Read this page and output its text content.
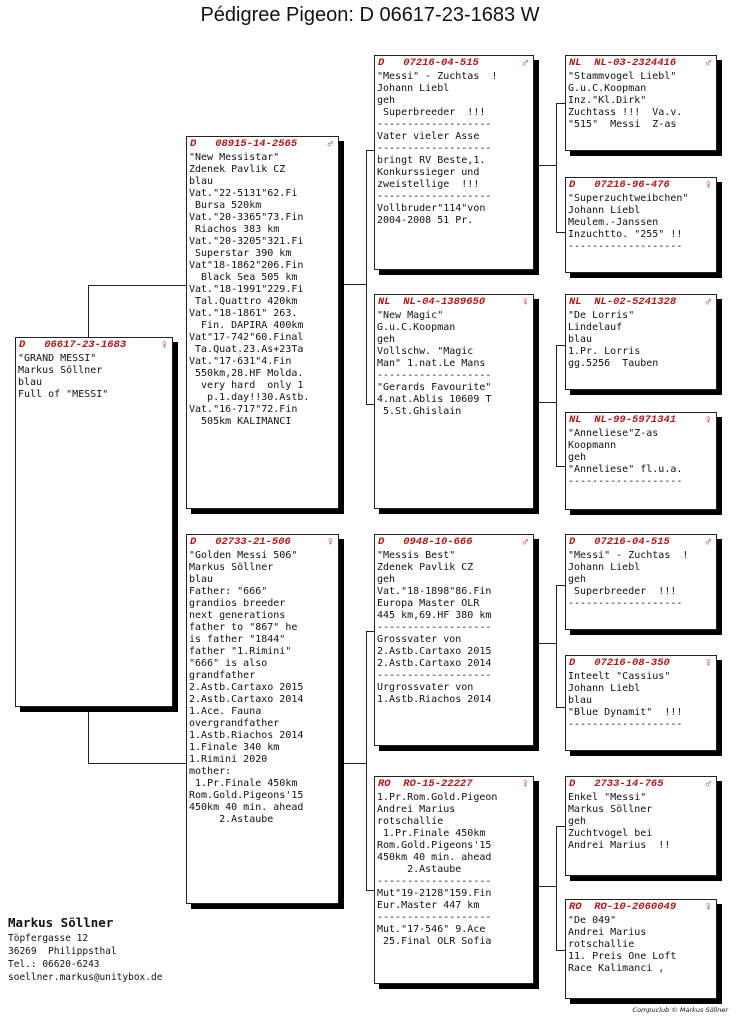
Pédigree Pigeon: D 06617-23-1683 W
D   06617-23-1683	♀
"GRAND MESSI"
Markus Söllner
blau
Full of "MESSI"
D   08915-14-2565 ♂
"New Messistar"
Zdenek Pavlik CZ
blau
Vat."22-5131"62.Fi
Bursa 520km
Vat."20-3365"73.Fin
Riachos 383 km
Vat."20-3205"321.Fi
Superstar 390 km
Vat"18-1862"206.Fin
Black Sea 505 km
Vat."18-1991"229.Fi
Tal.Quattro 420km
Vat."18-1861" 263.
Fin. DAPIRA 400km
Vat"17-742"60.Final
Ta.Quat.23.As+23Ta
Vat."17-631"4.Fin
550km,28.HF Molda.
very hard  only 1
p.1.day!!30.Astb.
Vat."16-717"72.Fin
505km KALIMANCI
D   02733-21-506	♀
"Golden Messi 506"
Markus Söllner
blau
Father: "666"
grandios breeder
next generations
father to "867" he
is father "1844"
father "1.Rimini"
"666" is also
grandfather
2.Astb.Cartaxo 2015
2.Astb.Cartaxo 2014
1.Ace. Fauna
overgrandfather
1.Astb.Riachos 2014
1.Finale 340 km
1.Rimini 2020
mother:
1.Pr.Finale 450km
Rom.Gold.Pigeons'15
450km 40 min. ahead
2.Astaube
D   07216-04-515	♂
"Messi" - Zuchtas  !
Johann Liebl
geh
Superbreeder  !!!
-------------------
Vater vieler Asse
-------------------
bringt RV Beste,1.
Konkurssieger und
zweistellige  !!!
-------------------
Vollbruder"114"von
2004-2008 51 Pr.
NL  NL-04-1389650	♀
"New Magic"
G.u.C.Koopman
geh
Vollschw. "Magic
Man" 1.nat.Le Mans
-------------------
"Gerards Favourite"
4.nat.Ablis 10609 T
5.St.Ghislain
D   0948-10-666	♂
"Messis Best"
Zdenek Pavlik CZ
geh
Vat."18-1898"86.Fin
Europa Master OLR
445 km,69.HF 380 km
-------------------
Grossvater von
2.Astb.Cartaxo 2015
2.Astb.Cartaxo 2014
-------------------
Urgrossvater von
1.Astb.Riachos 2014
RO  RO-15-22227	♀
1.Pr.Rom.Gold.Pigeon
Andrei Marius
rotschallie
1.Pr.Finale 450km
Rom.Gold.Pigeons'15
450km 40 min. ahead
2.Astaube
-------------------
Mut"19-2128"159.Fin
Eur.Master 447 km
-------------------
Mut."17-546" 9.Ace
25.Final OLR Sofia
NL  NL-03-2324416 ♂
"Stammvogel Liebl"
G.u.C.Koopman
Inz."Kl.Dirk"
Zuchtass !!!  Va.v.
"515"  Messi  Z-as
D   07216-96-476	♀
"Superzuchtweibchen"
Johann Liebl
Meulem.-Janssen
Inzuchtto. "255" !!
-------------------
NL  NL-02-5241328 ♂
"De Lorris"
Lindelauf
blau
1.Pr. Lorris
gg.5256  Tauben
NL  NL-99-5971341 ♀
"Anneliese"Z-as
Koopmann
geh
"Anneliese" fl.u.a.
-------------------
D   07216-04-515	♂
"Messi" - Zuchtas  !
Johann Liebl
geh
Superbreeder  !!!
-------------------
D   07216-08-350	♀
Inteelt "Cassius"
Johann Liebl
blau
"Blue Dynamit"  !!!
-------------------
D   2733-14-765	♂
Enkel "Messi"
Markus Söllner
geh
Zuchtvogel bei
Andrei Marius  !!
RO  RO-10-2060049 ♀
"De 049"
Andrei Marius
rotschallie
11. Preis One Loft
Race Kalimanci ,
Markus Söllner
Töpfergasse 12
36269  Philippsthal
Tel.: 06620-6243
soellner.markus@unitybox.de
Compuclub © Markus Söllner
